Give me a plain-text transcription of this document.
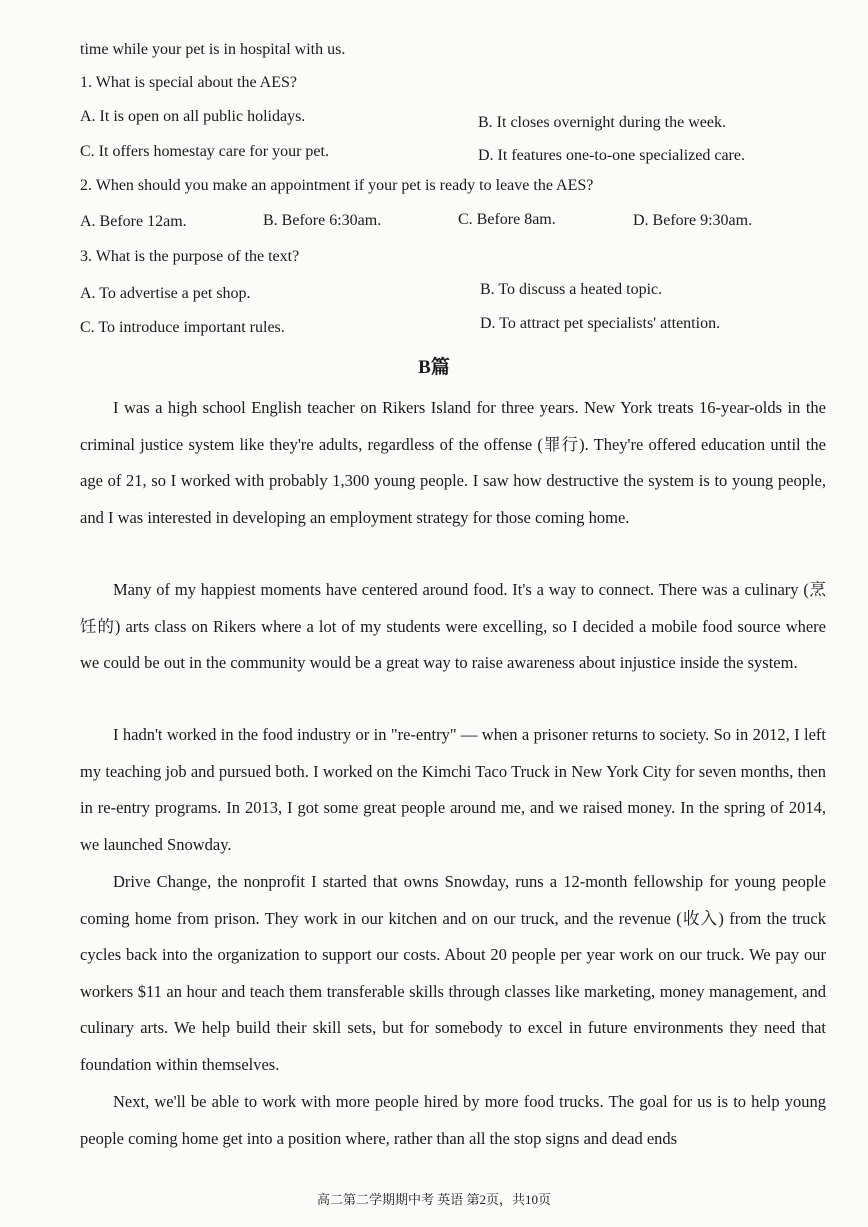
time while your pet is in hospital with us.
1. What is special about the AES?
A. It is open on all public holidays.	B. It closes overnight during the week.
C. It offers homestay care for your pet.	D. It features one-to-one specialized care.
2. When should you make an appointment if your pet is ready to leave the AES?
A. Before 12am.	B. Before 6:30am.	C. Before 8am.	D. Before 9:30am.
3. What is the purpose of the text?
A. To advertise a pet shop.	B. To discuss a heated topic.
C. To introduce important rules.	D. To attract pet specialists' attention.
B篇
I was a high school English teacher on Rikers Island for three years. New York treats 16-year-olds in the criminal justice system like they're adults, regardless of the offense (罪行). They're offered education until the age of 21, so I worked with probably 1,300 young people. I saw how destructive the system is to young people, and I was interested in developing an employment strategy for those coming home.
Many of my happiest moments have centered around food. It's a way to connect. There was a culinary (烹饪的) arts class on Rikers where a lot of my students were excelling, so I decided a mobile food source where we could be out in the community would be a great way to raise awareness about injustice inside the system.
I hadn't worked in the food industry or in "re-entry" — when a prisoner returns to society. So in 2012, I left my teaching job and pursued both. I worked on the Kimchi Taco Truck in New York City for seven months, then in re-entry programs. In 2013, I got some great people around me, and we raised money. In the spring of 2014, we launched Snowday.
Drive Change, the nonprofit I started that owns Snowday, runs a 12-month fellowship for young people coming home from prison. They work in our kitchen and on our truck, and the revenue (收入) from the truck cycles back into the organization to support our costs. About 20 people per year work on our truck. We pay our workers $11 an hour and teach them transferable skills through classes like marketing, money management, and culinary arts. We help build their skill sets, but for somebody to excel in future environments they need that foundation within themselves.
Next, we'll be able to work with more people hired by more food trucks. The goal for us is to help young people coming home get into a position where, rather than all the stop signs and dead ends
高二第二学期期中考 英语 第2页，共10页
